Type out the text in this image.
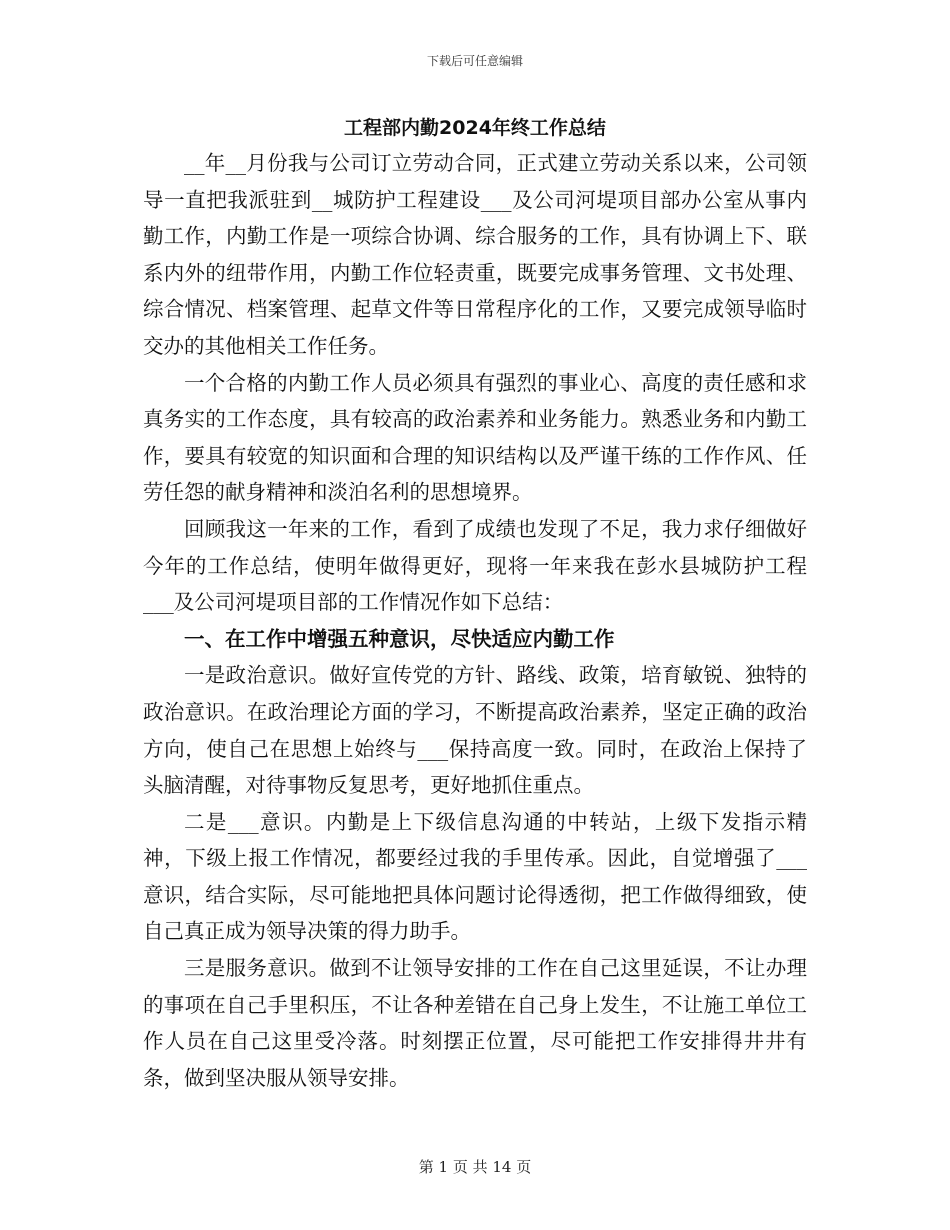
下载后可任意编辑
工程部内勤2024年终工作总结

__年__月份我与公司订立劳动合同，正式建立劳动关系以来，公司领导一直把我派驻到__城防护工程建设___及公司河堤项目部办公室从事内勤工作，内勤工作是一项综合协调、综合服务的工作，具有协调上下、联系内外的纽带作用，内勤工作位轻责重，既要完成事务管理、文书处理、综合情况、档案管理、起草文件等日常程序化的工作，又要完成领导临时交办的其他相关工作任务。

一个合格的内勤工作人员必须具有强烈的事业心、高度的责任感和求真务实的工作态度，具有较高的政治素养和业务能力。熟悉业务和内勤工作，要具有较宽的知识面和合理的知识结构以及严谨干练的工作作风、任劳任怨的献身精神和淡泊名利的思想境界。

回顾我这一年来的工作，看到了成绩也发现了不足，我力求仔细做好今年的工作总结，使明年做得更好，现将一年来我在彭水县城防护工程___及公司河堤项目部的工作情况作如下总结：

一、在工作中增强五种意识，尽快适应内勤工作

一是政治意识。做好宣传党的方针、路线、政策，培育敏锐、独特的政治意识。在政治理论方面的学习，不断提高政治素养，坚定正确的政治方向，使自己在思想上始终与___保持高度一致。同时，在政治上保持了头脑清醒，对待事物反复思考，更好地抓住重点。

二是___意识。内勤是上下级信息沟通的中转站，上级下发指示精神，下级上报工作情况，都要经过我的手里传承。因此，自觉增强了___意识，结合实际，尽可能地把具体问题讨论得透彻，把工作做得细致，使自己真正成为领导决策的得力助手。

三是服务意识。做到不让领导安排的工作在自己这里延误，不让办理的事项在自己手里积压，不让各种差错在自己身上发生，不让施工单位工作人员在自己这里受冷落。时刻摆正位置，尽可能把工作安排得井井有条，做到坚决服从领导安排。

第 1 页 共 14 页
